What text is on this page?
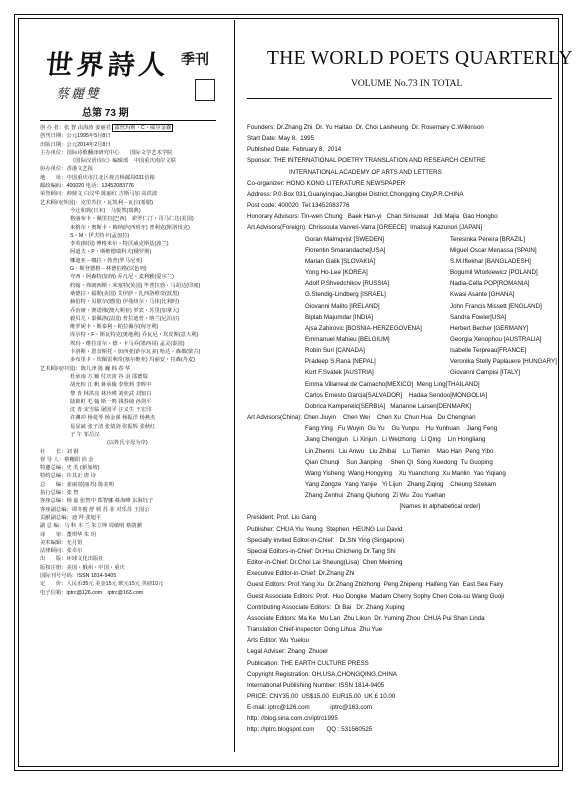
世界詩人 季刊
蔡麗雙
总第 73 期
创 办 者：张 智 由海涛 姜丽君 露丝玛莉・C・威尔金森
创刊日期：公元1995年5月8日
出版日期：公元2014年2月8日
主办单位：国际诗歌翻译研究中心　　国际文学艺术学院
《国际汉语诗坛》编辑部　中国重庆南岸文联
协办单位：香港文艺报
地　　址：中国重庆市江北区观音桥邮局031信箱
邮政编码：400020 电话：13452083776
荣誉顾问：帅鼎文 白汉华 陈丽红 吉斯马加 高洪波
艺术顾问(外国)：克里苏拉・瓦凯利－瓦拉(希腊)
今辻和典(日本)　马悦然(瑞典)
格丽布卡・佩里拉(巴西)　索罗仁汀・司马仁达(美国)
米格尔・奥斯卡・梅纳萨(西班牙) 普利克(斯洛伐克)
S・M・伊夫特卡(孟加拉)
李英(韩国) 博格米尔・特沃威克斯基(波兰)
阿道夫・P・斯维德瑞科夫(俄罗斯)
娜迪亚－娜拉・勃普(罗马尼亚)
G・斯登德格－林德伯格(以色列)
夸西・阿森特(加纳) 乔凡尼・麦利雅(爱尔兰)
约翰・弗朗西斯・米塞特(英国) 毕普拉勃・马胡达(印度)
桑德拉・福勒(美国) 艾伊萨・扎西洛维奇(波黑)
赫伯特・贝歇尔(德国) 伊曼纽尔・马休(比利时)
乔治娅・赛诺佛(澳大利亚) 罗宾・苏里(加拿大)
毅贝儿・泰佩洛(法国) 普拉迪普・纳兰(尼泊尔)
维罗妮卡・斯泰利・帕拉佩尔(匈牙利)
库尔特・F・斯瓦特克(奥地利) 乔瓦尼・坎皮斯(意大利)
埃玛・维拉雷尔・德・卡马乔(墨西哥) 孟灵(泰国)
卡洛斯・恩奈斯托・加西亚(萨尔瓦多) 哈达・森都(蒙古)
多布里卡・坎佩雷利奇(塞尔维亚) 玛丽安・拉森(丹麦)
艺术顾问(中国)：陈九津 陈 巍 韩 春 华
杜承南 方 颖 付庆寅 谷 羽 邵德瑞
胡允桓 江 帆 蒋承俊 李欣莉 李晖中
黎 青 林洪亮 林玲瑛 刘奕武 刘知白
陆筱虹 毛 翰 斯一鸣 钱春绮 孙剑平
沈 青 宋雪临 屠国平 汪义生 王宏印
许渊冲 杨曼琴 杨金谨 杨振洋 杨燕杰
易显斌 张子清 张倩剑 张振辉 张秋红
子 午 邹岳汉
　　　　　　　(以姓氏字母为序)
社　　长：刘 钢
督 导 人：蔡穗阳 尚 金
特邀总编：史 芙 (新加坡)
特约总编：许其正 唐 诗
总　　编：姜丽双(丽苏) 陈美明
执行总编：张 智
客座总编：杨 虚 张智中 郑智娜 蔡海峰 东海钰子
客座副总编：谭冬俊 舒 媛 苏 菲 对乐苏 王国公
贡献副总编：迪 拜 张旭平
副 总 编：马 科 木 兰 朱立坤 周敏明 蔡荫潮
译　　审：董琪华 朱 玥
美术编辑：无月馆
法律顾问：张卓尔
出　　版：环球文化出版社
版权注册：美国・俄州・中国・重庆
国际刊号号码：ISSN 1814-9405
定　　价：人民币35元 美金15元 欧元15元 英磅10元
电子信箱：iptrc@126.com　iptrc@163.com
THE WORLD POETS QUARTERLY
VOLUME No.73 IN TOTAL
Founders: Dr.Zhang Zhi  Dr. Yu Haitao  Dr. Choi Laisheung  Dr. Rosemary C.Wilkinson
Start Date: May 8,  1995
Published Date: February 8,  2014
Sponsor: THE INTERNATIONAL POETRY TRANSLATION AND RESEARCH CENTRE
INTERNATIONAL ACADEMY OF ARTS AND LETTERS
Co-organizer: HONG KONG LITERATURE NEWSPAPER
Address: P.0.Box 031,Guanyinqiao,Jiangbei District,Chongqing City,P.R.CHINA
Post code: 400020  Tel:13452083776
Honorary Advisors: Tin-wen Chung   Baek Han-yi   Chan Sirisuwat   Jidi Majia  Gao Hongbo
Art Advisors(Foreign): Chrissoula Varveri-Varra [GREECE]  Imatsuji Kazunori [JAPAN]
Goran Malmqvist [SWEDEN]	Teresinka Pereira [BRAZIL]
Florentin Smarandache[USA]	Miguel Oscar Menassa [SPAIN]
Marian Galik [SLOVAKIA]	S.M.Iftekhar [BANGLADESH]
Yong Ho-Lee [KOREA]	Bogumil Wtorkiewicz [POLAND]
Adolf P.Shvedchikov [RUSSIA]	Nadia-Cella POP[ROMANIA]
G.Stendig-Lindberg [ISRAEL]	Kwasi Asante [GHANA]
Giovanni Malito [IRELAND]	John Francis Missett [ENGLAND]
Biplab Majumdar [INDIA]	Sandra Fowler[USA]
Ajsa Zahirovic [BOSNIA-HERZEGOVENA]	Herbert Becher [GERMANY]
Emmanuel Mahieu [BELGIUM]	Georgia Xenophou [AUSTRALIA]
Robin Suri [CANADA]	Isabelle Terpreau[FRANCE]
Pradeep S.Rana [NEPAL]	Veronika Stelly Paplauere [HUNGARY]
Kurt F.Svatek [AUSTRIA]	Giovanni Campisi [ITALY]
Emma Villarreal de Camacho[MEXICO]  Meng Ling[THAILAND]
Carlos Ernesto Garcia[SALVADOR]    Hadaa Sendoo[MONGOLIA]
Dobrica Kamperelic[SERBIA]   Marianne Larsen[DENMARK]
Art Advisors(China): Chen Jiuyin    Chen Wei    Chen Xu  Chun Hua   Du Chengnan
Fang Ying   Fu Wuyin  Gu Yu    Gu Yunpu    Hu Yunhuan    Jiang Feng
Jiang Chengjun   Li Xinjun   Li Weizhong   Li Qing    Lin Hongliang
Lin Zhenni   Liu Anwu   Liu Zhibai    Lu Tiemin    Mao Han  Peng Yibo
Qian Chunqi    Sun Jianping     Shen Qi  Song Xuedong  Tu Guoping
Wang Yisheng  Wang Hongying    Xu Yuanchong  Xu Manlin  Yao Yiqiang
Yang Zongze  Yang Yanjie   Yi Lijun   Zhang Ziqing    Cheung Szekam
Zhang Zenhui  Zhang Qiuhong  Zi Wu  Zou Yuehan
[Names in alphabetical order]
President: Prof. Liu Gang
Publisher: CHUA Yiu Yeung  Stephen  HEUNG Lui David
Specially invited Editor-in-Chief:   Dr.Shi Ying (Singapore)
Special Editors-in-Chief: Dr.Hsu Chicheng Dr.Tang Shi
Editor-in-Chief: Dr.Choi Lai Sheung(Lisa)  Chen Meiming
Executive Editor-in-Chief: Dr.Zhang Zhi
Guest Editors: Prof.Yang Xu  Dr.Zhang Zhizhong  Peng Zhipeng  Haifeng Yan  East Sea Fairy
Guest Associate Editors: Prof.  Huo Dongke  Madam Cherry Sophy Chen Cola-su Wang Guoji
Contributing Associate Editors:  Di Bai   Dr. Zhang Xuping
Associate Editors: Ma Ke  Mu Lan  Zhu Likun  Dr. Yuming Zhou  CHUA Pui Shan Linda
Translation Chief-inspector: Dong Lihua  Zhu Yue
Arts Editor: Wu Yuelou
Legal Adviser: Zhang  Zhuoer
Publication: THE EARTH CULTURE PRESS
Copyright Registration: OH,USA,CHONGQING,CHINA
International Publishing Number: ISSN 1814-9405
PRICE: CNY35.00  US$15.00  EUR15.00  UK £ 10.00
E-mail: iptrc@126.com            iptrc@163.com
http: //blog.sina.com.cn/iptrc1995
http: //lptrc.blogspot.com       QQ : 531560525
